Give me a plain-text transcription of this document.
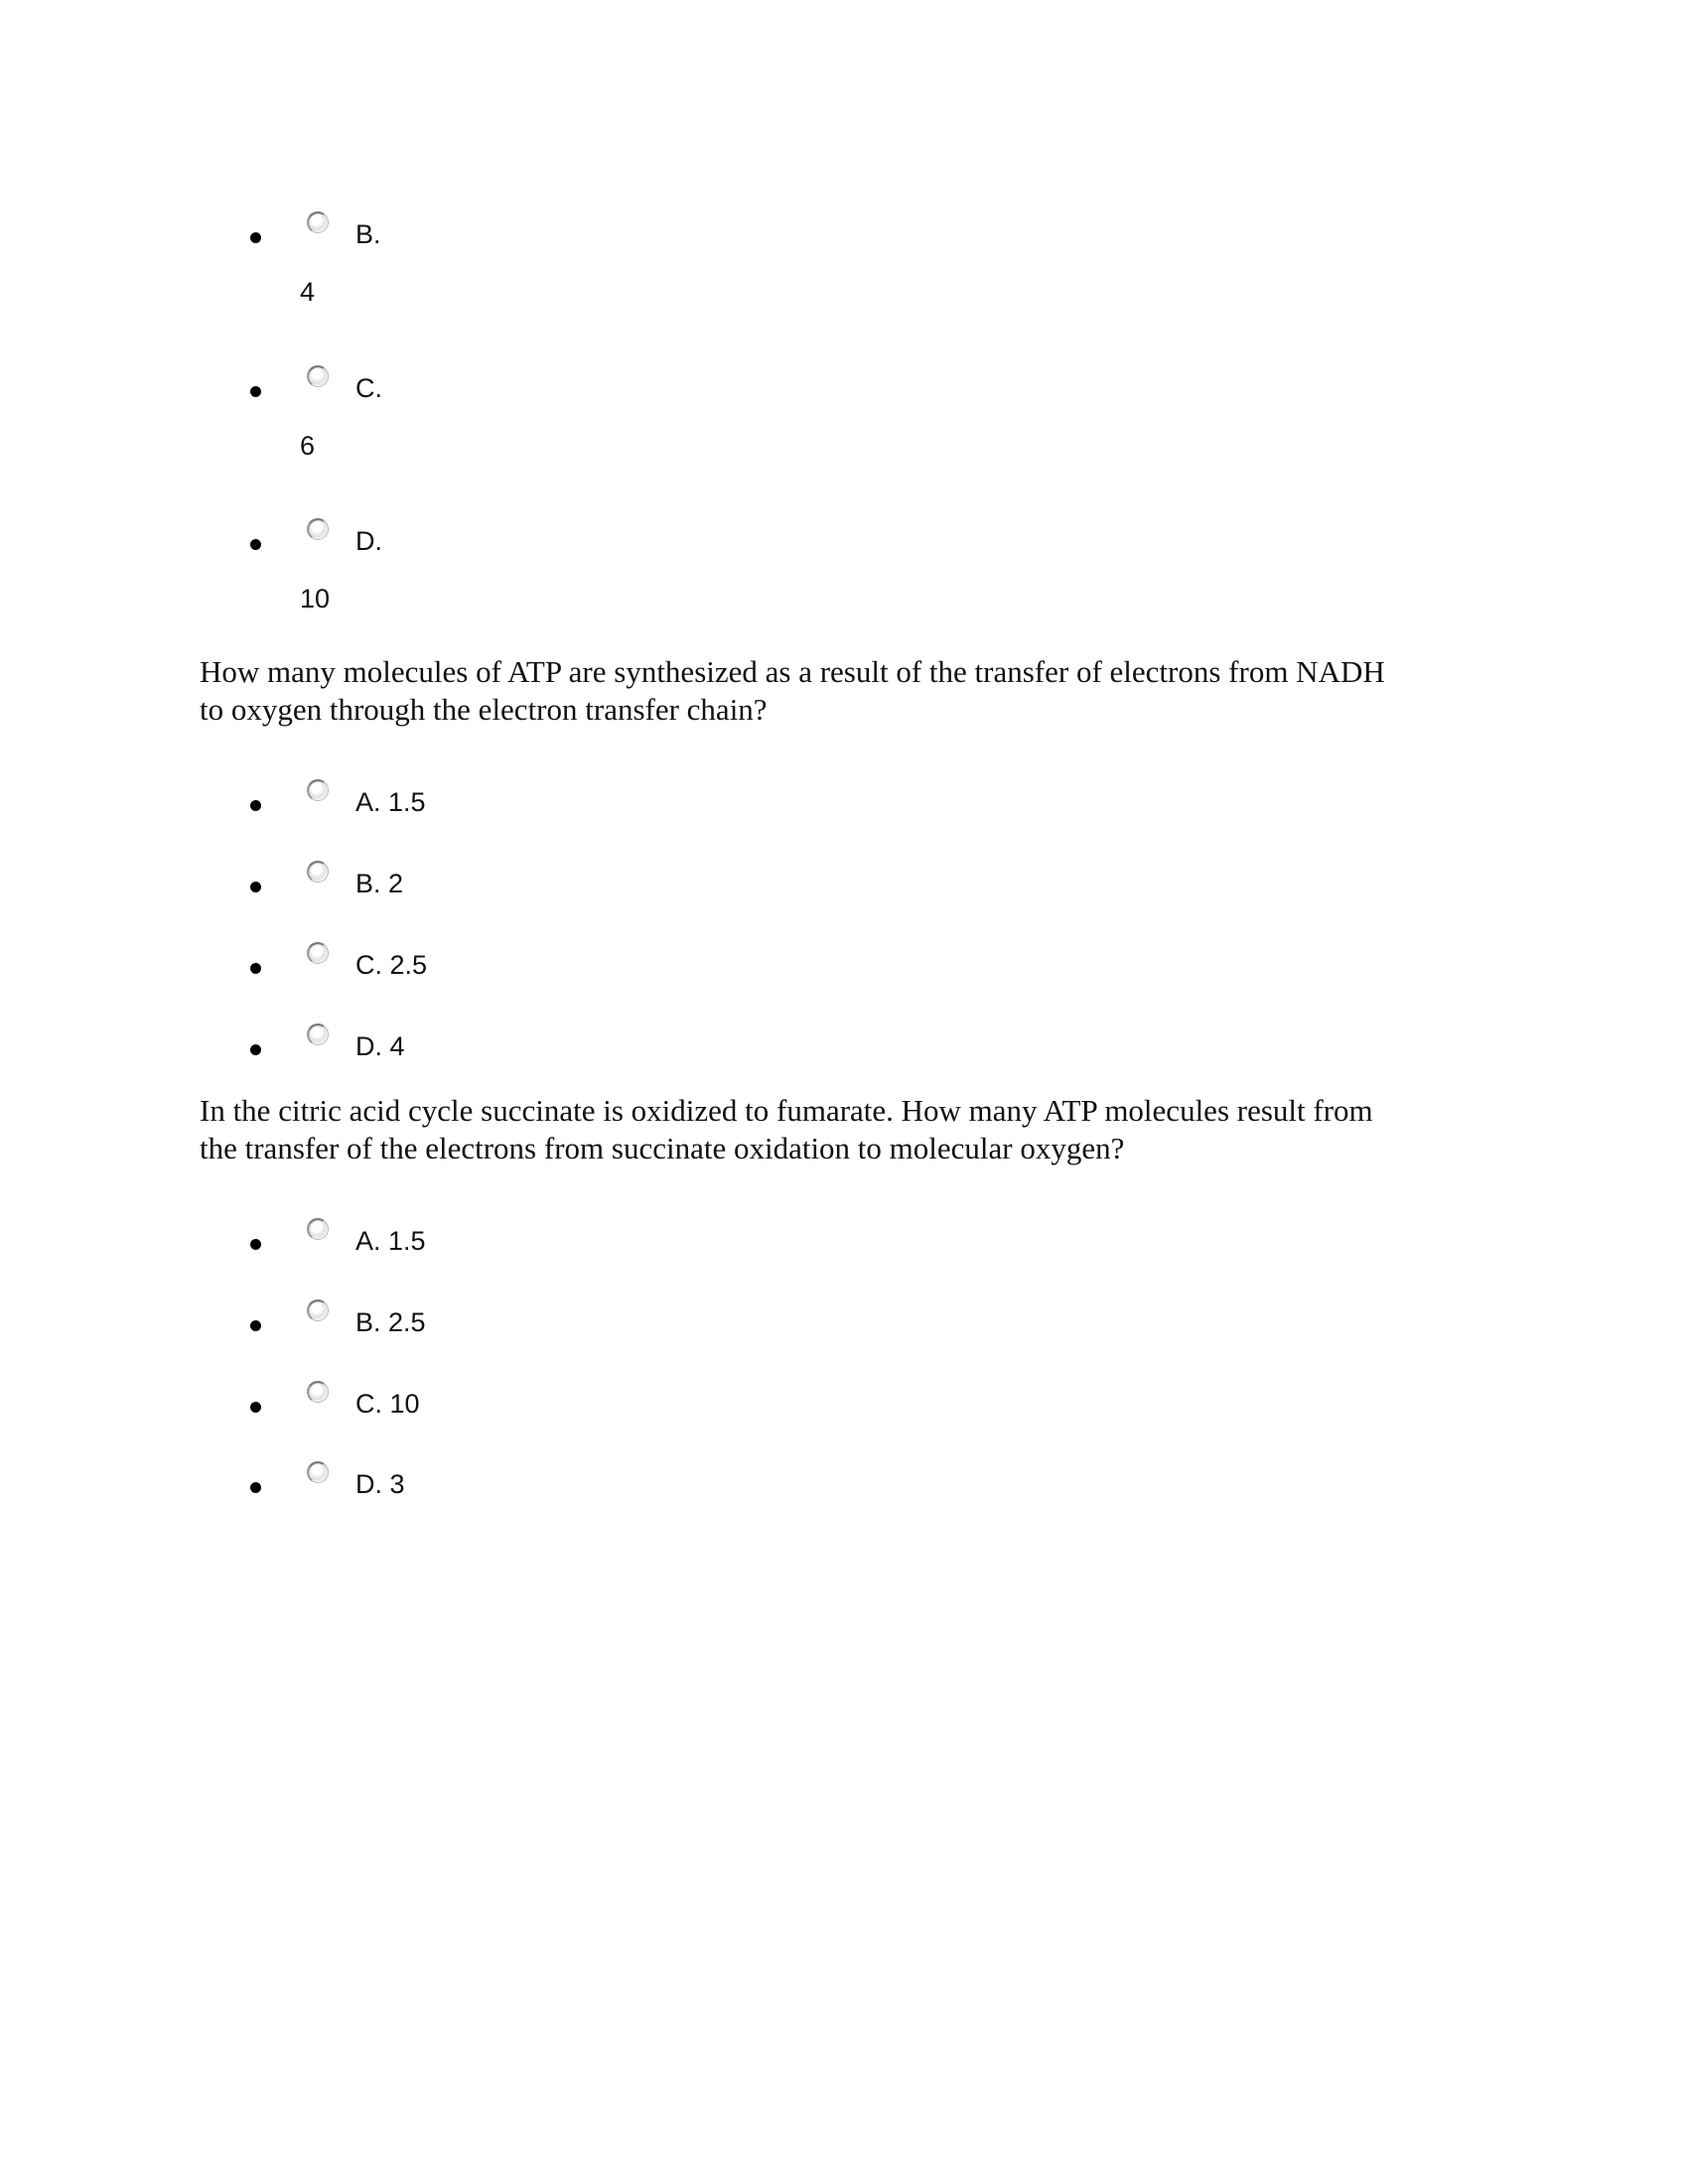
B.
4
C.
6
D.
10
How many molecules of ATP are synthesized as a result of the transfer of electrons from NADH
to oxygen through the electron transfer chain?
A. 1.5
B. 2
C. 2.5
D. 4
In the citric acid cycle succinate is oxidized to fumarate. How many ATP molecules result from
the transfer of the electrons from succinate oxidation to molecular oxygen?
A. 1.5
B. 2.5
C. 10
D. 3
